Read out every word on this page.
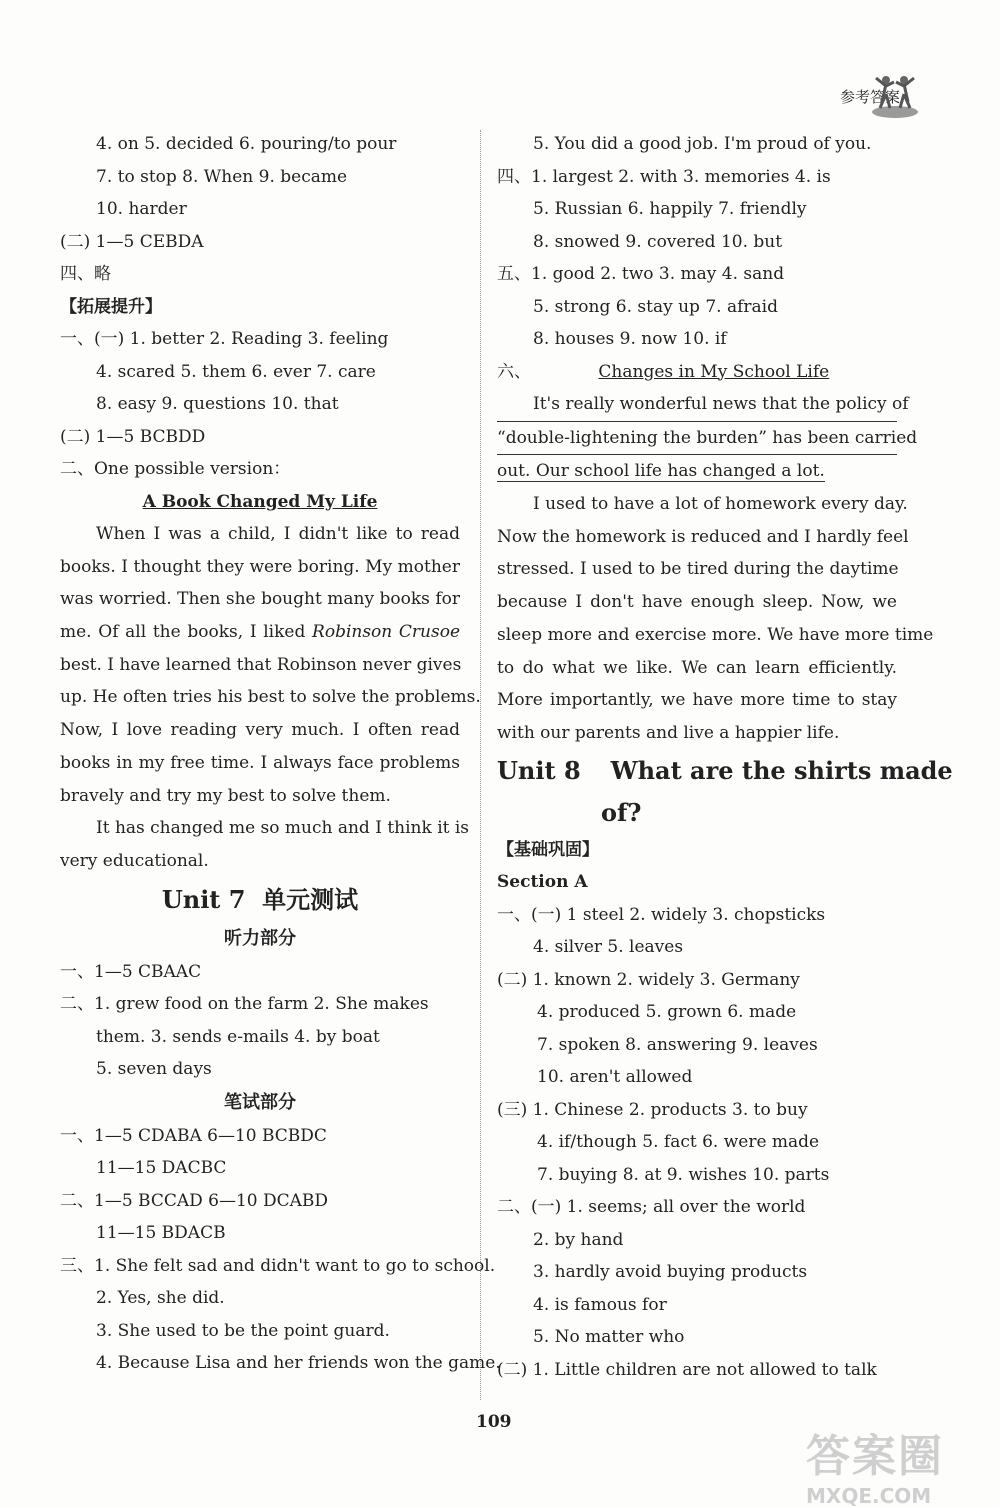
参考答案
4. on 5. decided 6. pouring/to pour
7. to stop 8. When 9. became
10. harder
(二) 1—5 CEBDA
四、略
【拓展提升】
一、(一) 1. better 2. Reading 3. feeling
4. scared 5. them 6. ever 7. care
8. easy 9. questions 10. that
(二) 1—5 BCBDD
二、One possible version：
A Book Changed My Life
When I was a child, I didn't like to read
books. I thought they were boring. My mother
was worried. Then she bought many books for
me. Of all the books, I liked Robinson Crusoe
best. I have learned that Robinson never gives
up. He often tries his best to solve the problems.
Now, I love reading very much. I often read
books in my free time. I always face problems
bravely and try my best to solve them.
It has changed me so much and I think it is
very educational.
Unit 7  单元测试
听力部分
一、1—5 CBAAC
二、1. grew food on the farm 2. She makes
them. 3. sends e-mails 4. by boat
5. seven days
笔试部分
一、1—5 CDABA 6—10 BCBDC
11—15 DACBC
二、1—5 BCCAD 6—10 DCABD
11—15 BDACB
三、1. She felt sad and didn't want to go to school.
2. Yes, she did.
3. She used to be the point guard.
4. Because Lisa and her friends won the game.
5. You did a good job. I'm proud of you.
四、1. largest 2. with 3. memories 4. is
5. Russian 6. happily 7. friendly
8. snowed 9. covered 10. but
五、1. good 2. two 3. may 4. sand
5. strong 6. stay up 7. afraid
8. houses 9. now 10. if
六、	Changes in My School Life
It's really wonderful news that the policy of
“double-lightening the burden” has been carried
out. Our school life has changed a lot.
I used to have a lot of homework every day.
Now the homework is reduced and I hardly feel
stressed. I used to be tired during the daytime
because I don't have enough sleep. Now, we
sleep more and exercise more. We have more time
to do what we like. We can learn efficiently.
More importantly, we have more time to stay
with our parents and live a happier life.
Unit 8 What are the shirts made
of?
【基础巩固】
Section A
一、(一) 1 steel 2. widely 3. chopsticks
4. silver 5. leaves
(二) 1. known 2. widely 3. Germany
4. produced 5. grown 6. made
7. spoken 8. answering 9. leaves
10. aren't allowed
(三) 1. Chinese 2. products 3. to buy
4. if/though 5. fact 6. were made
7. buying 8. at 9. wishes 10. parts
二、(一) 1. seems; all over the world
2. by hand
3. hardly avoid buying products
4. is famous for
5. No matter who
(二) 1. Little children are not allowed to talk
109
答案圈
MXQE.COM
